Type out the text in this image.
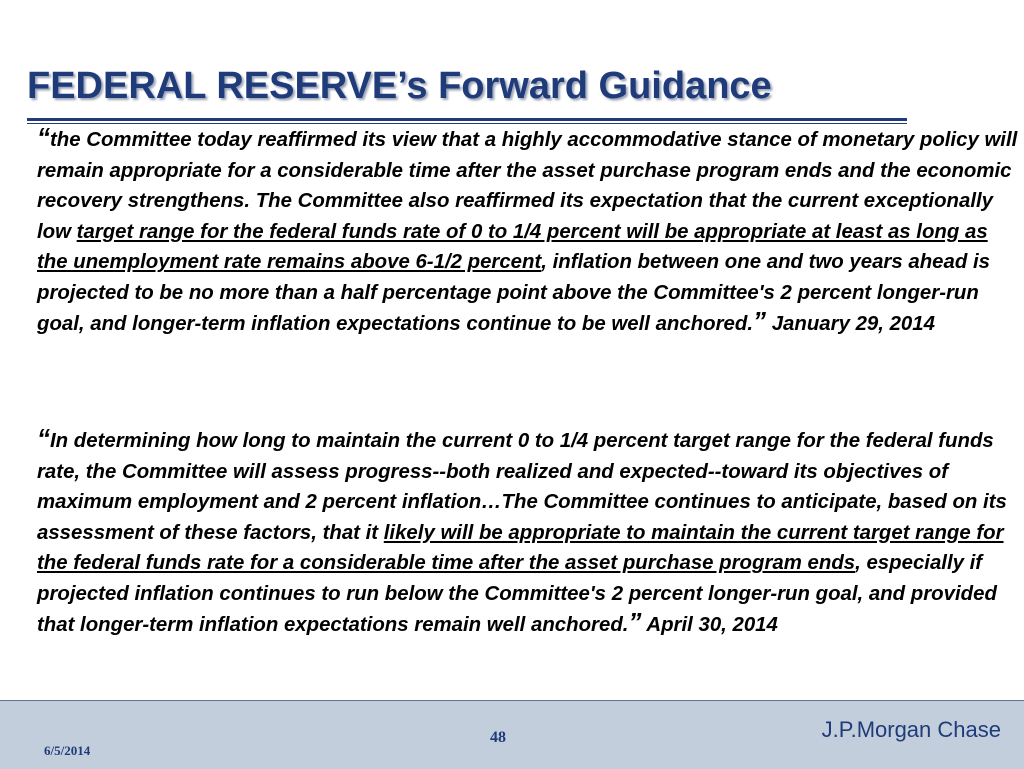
FEDERAL RESERVE’s Forward Guidance

“the Committee today reaffirmed its view that a highly accommodative stance of monetary policy will remain appropriate for a considerable time after the asset purchase program ends and the economic recovery strengthens. The Committee also reaffirmed its expectation that the current exceptionally low target range for the federal funds rate of 0 to 1/4 percent will be appropriate at least as long as the unemployment rate remains above 6-1/2 percent, inflation between one and two years ahead is projected to be no more than a half percentage point above the Committee's 2 percent longer-run goal, and longer-term inflation expectations continue to be well anchored.” January 29, 2014

“In determining how long to maintain the current 0 to 1/4 percent target range for the federal funds rate, the Committee will assess progress--both realized and expected--toward its objectives of maximum employment and 2 percent inflation…The Committee continues to anticipate, based on its assessment of these factors, that it likely will be appropriate to maintain the current target range for the federal funds rate for a considerable time after the asset purchase program ends, especially if projected inflation continues to run below the Committee's 2 percent longer-run goal, and provided that longer-term inflation expectations remain well anchored.” April 30, 2014

6/5/2014
48	J.P.Morgan Chase
